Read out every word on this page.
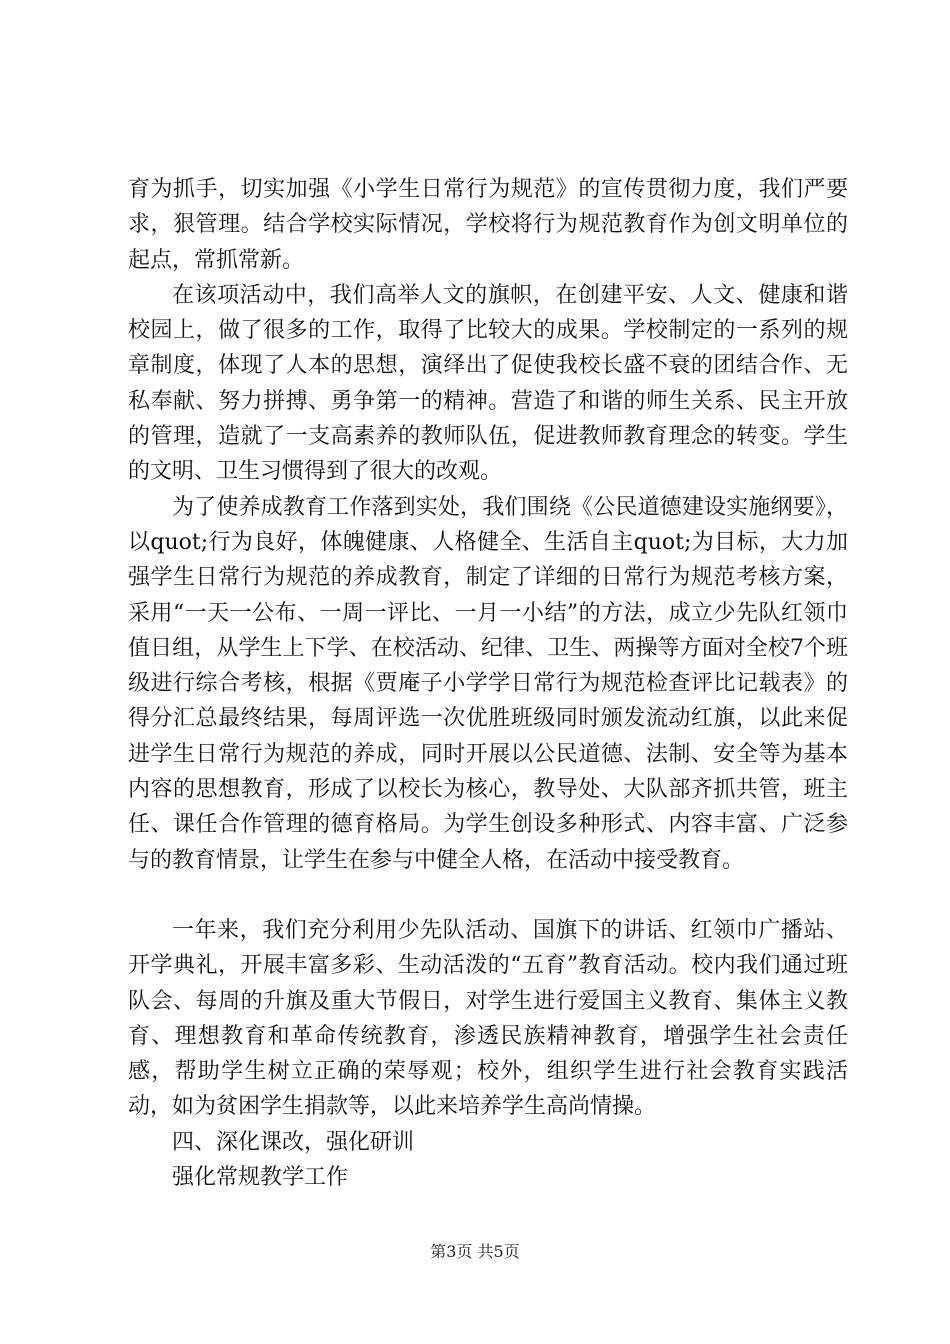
育为抓手，切实加强《小学生日常行为规范》的宣传贯彻力度，我们严要求，狠管理。结合学校实际情况，学校将行为规范教育作为创文明单位的起点，常抓常新。

在该项活动中，我们高举人文的旗帜，在创建平安、人文、健康和谐校园上，做了很多的工作，取得了比较大的成果。学校制定的一系列的规章制度，体现了人本的思想，演绎出了促使我校长盛不衰的团结合作、无私奉献、努力拼搏、勇争第一的精神。营造了和谐的师生关系、民主开放的管理，造就了一支高素养的教师队伍，促进教师教育理念的转变。学生的文明、卫生习惯得到了很大的改观。

为了使养成教育工作落到实处，我们围绕《公民道德建设实施纲要》，以quot;行为良好，体魄健康、人格健全、生活自主quot;为目标，大力加强学生日常行为规范的养成教育，制定了详细的日常行为规范考核方案，采用“一天一公布、一周一评比、一月一小结”的方法，成立少先队红领巾值日组，从学生上下学、在校活动、纪律、卫生、两操等方面对全校7个班级进行综合考核，根据《贾庵子小学学日常行为规范检查评比记载表》的得分汇总最终结果，每周评选一次优胜班级同时颁发流动红旗，以此来促进学生日常行为规范的养成，同时开展以公民道德、法制、安全等为基本内容的思想教育，形成了以校长为核心，教导处、大队部齐抓共管，班主任、课任合作管理的德育格局。为学生创设多种形式、内容丰富、广泛参与的教育情景，让学生在参与中健全人格，在活动中接受教育。

一年来，我们充分利用少先队活动、国旗下的讲话、红领巾广播站、开学典礼，开展丰富多彩、生动活泼的“五育”教育活动。校内我们通过班队会、每周的升旗及重大节假日，对学生进行爱国主义教育、集体主义教育、理想教育和革命传统教育，渗透民族精神教育，增强学生社会责任感，帮助学生树立正确的荣辱观；校外，组织学生进行社会教育实践活动，如为贫困学生捐款等，以此来培养学生高尚情操。

四、深化课改，强化研训

强化常规教学工作

第3页 共5页
